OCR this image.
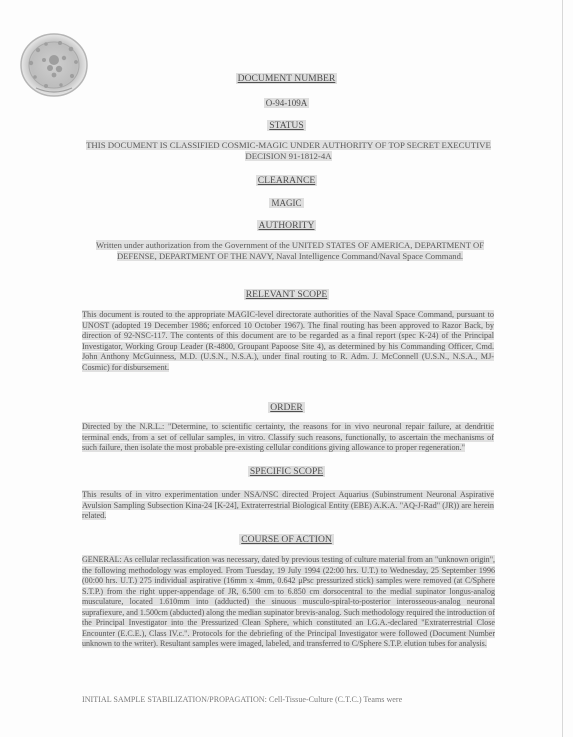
DOCUMENT NUMBER
O-94-109A
STATUS
THIS DOCUMENT IS CLASSIFIED COSMIC-MAGIC UNDER AUTHORITY OF TOP SECRET EXECUTIVE DECISION 91-1812-4A
CLEARANCE
MAGIC
AUTHORITY
Written under authorization from the Government of the UNITED STATES OF AMERICA, DEPARTMENT OF DEFENSE, DEPARTMENT OF THE NAVY, Naval Intelligence Command/Naval Space Command.
RELEVANT SCOPE
This document is routed to the appropriate MAGIC-level directorate authorities of the Naval Space Command, pursuant to UNOST (adopted 19 December 1986; enforced 10 October 1967). The final routing has been approved to Razor Back, by direction of 92-NSC-117. The contents of this document are to be regarded as a final report (spec K-24) of the Principal Investigator, Working Group Leader (R-4800, Groupant Papoose Site 4), as determined by his Commanding Officer, Cmd. John Anthony McGuinness, M.D. (U.S.N., N.S.A.), under final routing to R. Adm. J. McConnell (U.S.N., N.S.A., MJ-Cosmic) for disbursement.
ORDER
Directed by the N.R.L.: "Determine, to scientific certainty, the reasons for in vivo neuronal repair failure, at dendritic terminal ends, from a set of cellular samples, in vitro. Classify such reasons, functionally, to ascertain the mechanisms of such failure, then isolate the most probable pre-existing cellular conditions giving allowance to proper regeneration."
SPECIFIC SCOPE
This results of in vitro experimentation under NSA/NSC directed Project Aquarius (Subinstrument Neuronal Aspirative Avulsion Sampling Subsection Kina-24 [K-24], Extraterrestrial Biological Entity (EBE) A.K.A. "AQ-J-Rad" (JR)) are herein related.
COURSE OF ACTION
GENERAL: As cellular reclassification was necessary, dated by previous testing of culture material from an "unknown origin", the following methodology was employed. From Tuesday, 19 July 1994 (22:00 hrs. U.T.) to Wednesday, 25 September 1996 (00:00 hrs. U.T.) 275 individual aspirative (16mm x 4mm, 0.642 μPsc pressurized stick) samples were removed (at C/Sphere S.T.P.) from the right upper-appendage of JR, 6.500 cm to 6.850 cm dorsocentral to the medial supinator longus-analog musculature, located 1.610mm into (adducted) the sinuous musculo-spiral-to-posterior interosseous-analog neuronal suprafiexure, and 1.500cm (abducted) along the median supinator brevis-analog. Such methodology required the introduction of the Principal Investigator into the Pressurized Clean Sphere, which constituted an I.G.A.-declared "Extraterrestrial Close Encounter (E.C.E.), Class IV.c.". Protocols for the debriefing of the Principal Investigator were followed (Document Number unknown to the writer). Resultant samples were imaged, labeled, and transferred to C/Sphere S.T.P. elution tubes for analysis.
INITIAL SAMPLE STABILIZATION/PROPAGATION: Cell-Tissue-Culture (C.T.C.) Teams were
